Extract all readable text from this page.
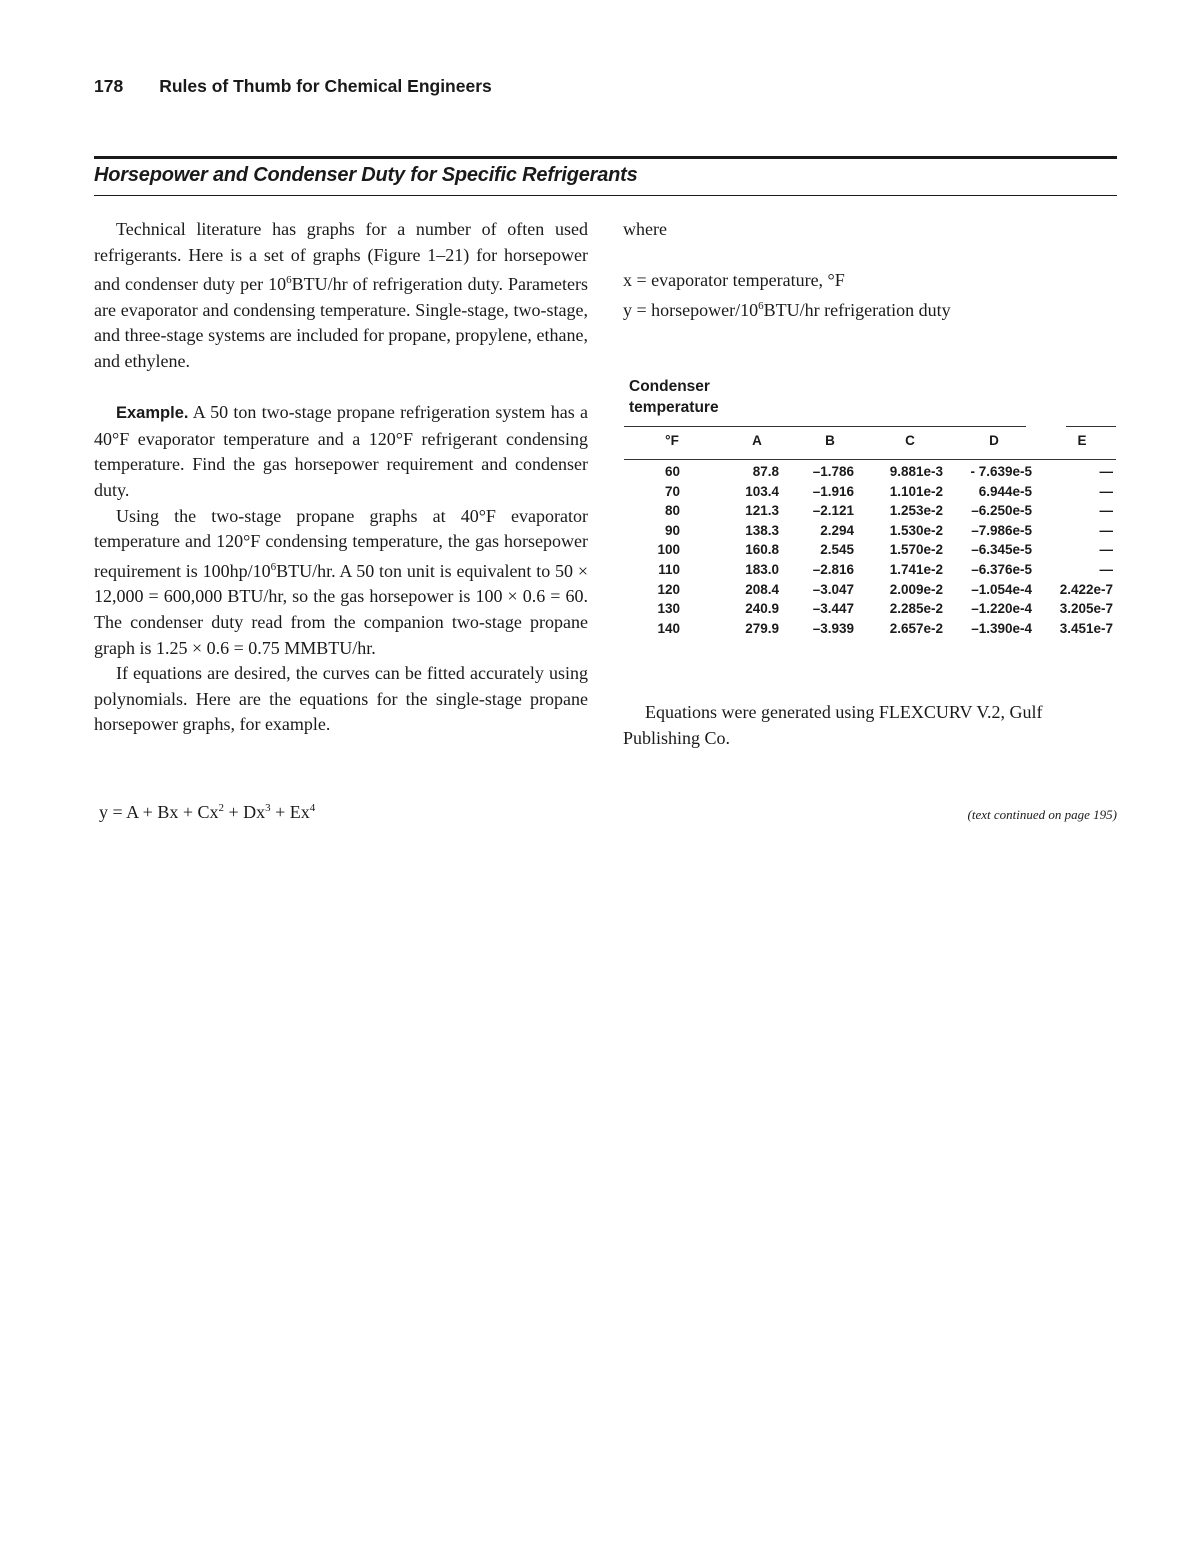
178 Rules of Thumb for Chemical Engineers
Horsepower and Condenser Duty for Specific Refrigerants

Technical literature has graphs for a number of often used refrigerants. Here is a set of graphs (Figure 1–21) for horsepower and condenser duty per $10^6BTU/hr$ of refrigeration duty. Parameters are evaporator and condensing temperature. Single-stage, two-stage, and three-stage systems are included for propane, propylene, ethane, and ethylene.

Example. A 50 ton two-stage propane refrigeration system has a 40°F evaporator temperature and a 120°F refrigerant condensing temperature. Find the gas horsepower requirement and condenser duty.

Using the two-stage propane graphs at 40°F evaporator temperature and 120°F condensing temperature, the gas horsepower requirement is $100hp/10^6BTU/hr$. A 50 ton unit is equivalent to 50 × 12,000 = 600,000 BTU/hr, so the gas horsepower is 100 × 0.6 = 60. The condenser duty read from the companion two-stage propane graph is 1.25 × 0.6 = 0.75 MMBTU/hr.

If equations are desired, the curves can be fitted accurately using polynomials. Here are the equations for the single-stage propane horsepower graphs, for example.

$y = A + Bx + Cx^2 + Dx^3 + Ex^4$

where

x = evaporator temperature, °F

y = horsepower/$10^6BTU/hr$ refrigeration duty

Condenser
temperature
°F	A	B	C	D	E
60	87.8	–1.786	9.881e-3	- 7.639e-5	—
70	103.4	–1.916	1.101e-2	6.944e-5	—
80	121.3	–2.121	1.253e-2	–6.250e-5	—
90	138.3	2.294	1.530e-2	–7.986e-5	—
100	160.8	2.545	1.570e-2	–6.345e-5	—
110	183.0	–2.816	1.741e-2	–6.376e-5	—
120	208.4	–3.047	2.009e-2	–1.054e-4	2.422e-7
130	240.9	–3.447	2.285e-2	–1.220e-4	3.205e-7
140	279.9	–3.939	2.657e-2	–1.390e-4	3.451e-7
Equations were generated using FLEXCURV V.2, Gulf Publishing Co.
(text continued on page 195)
